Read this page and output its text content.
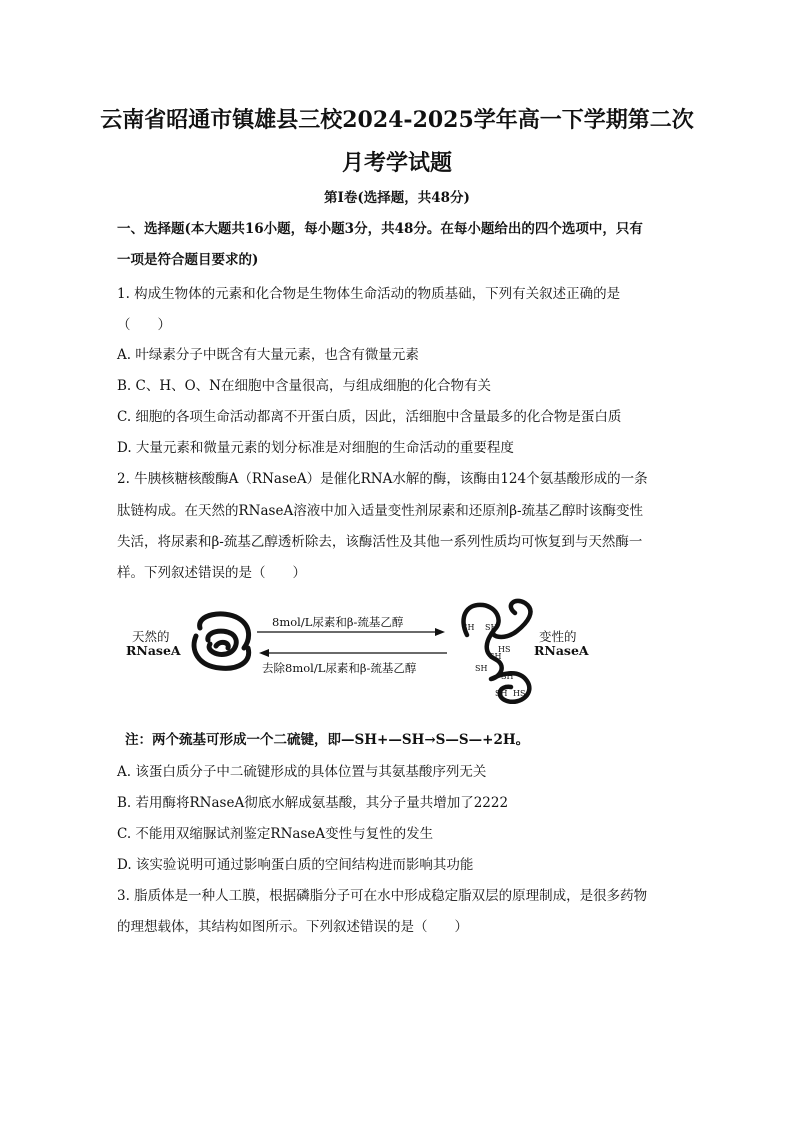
云南省昭通市镇雄县三校2024-2025学年高一下学期第二次
月考学试题
第Ⅰ卷(选择题，共48分)
一、选择题(本大题共16小题，每小题3分，共48分。在每小题给出的四个选项中，只有
一项是符合题目要求的)
1. 构成生物体的元素和化合物是生物体生命活动的物质基础，下列有关叙述正确的是
（　　）
A. 叶绿素分子中既含有大量元素，也含有微量元素
B. C、H、O、N在细胞中含量很高，与组成细胞的化合物有关
C. 细胞的各项生命活动都离不开蛋白质，因此，活细胞中含量最多的化合物是蛋白质
D. 大量元素和微量元素的划分标准是对细胞的生命活动的重要程度
2. 牛胰核糖核酸酶A（RNaseA）是催化RNA水解的酶，该酶由124个氨基酸形成的一条
肽链构成。在天然的RNaseA溶液中加入适量变性剂尿素和还原剂β-巯基乙醇时该酶变性
失活，将尿素和β-巯基乙醇透析除去，该酶活性及其他一系列性质均可恢复到与天然酶一
样。下列叙述错误的是（　　）
天然的
RNaseA
8mol/L尿素和β-巯基乙醇
去除8mol/L尿素和β-巯基乙醇
SH SH
HS
SH
SH
SH
SH HS
变性的
RNaseA
注：两个巯基可形成一个二硫键，即—SH+—SH→S—S—+2H。
A. 该蛋白质分子中二硫键形成的具体位置与其氨基酸序列无关
B. 若用酶将RNaseA彻底水解成氨基酸，其分子量共增加了2222
C. 不能用双缩脲试剂鉴定RNaseA变性与复性的发生
D. 该实验说明可通过影响蛋白质的空间结构进而影响其功能
3. 脂质体是一种人工膜，根据磷脂分子可在水中形成稳定脂双层的原理制成，是很多药物
的理想载体，其结构如图所示。下列叙述错误的是（　　）
